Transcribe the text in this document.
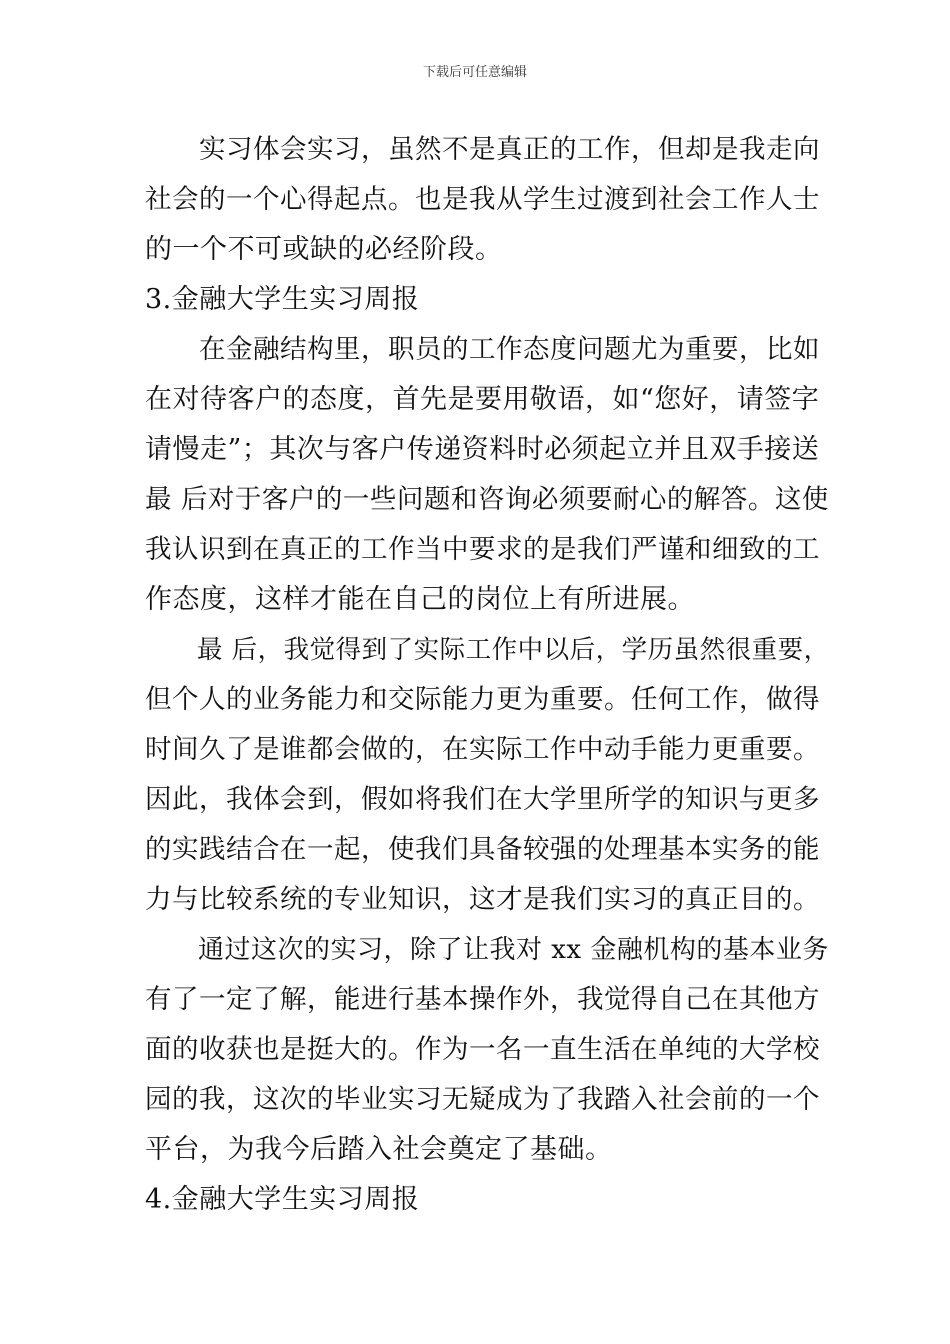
下载后可任意编辑
　　实习体会实习，虽然不是真正的工作，但却是我走向
社会的一个心得起点。也是我从学生过渡到社会工作人士
的一个不可或缺的必经阶段。
3.金融大学生实习周报
　　在金融结构里，职员的工作态度问题尤为重要，比如
在对待客户的态度，首先是要用敬语，如“您好，请签字
请慢走”；其次与客户传递资料时必须起立并且双手接送
最 后对于客户的一些问题和咨询必须要耐心的解答。这使
我认识到在真正的工作当中要求的是我们严谨和细致的工
作态度，这样才能在自己的岗位上有所进展。
　　最 后，我觉得到了实际工作中以后，学历虽然很重要，
但个人的业务能力和交际能力更为重要。任何工作，做得
时间久了是谁都会做的，在实际工作中动手能力更重要。
因此，我体会到，假如将我们在大学里所学的知识与更多
的实践结合在一起，使我们具备较强的处理基本实务的能
力与比较系统的专业知识，这才是我们实习的真正目的。
　　通过这次的实习，除了让我对 xx 金融机构的基本业务
有了一定了解，能进行基本操作外，我觉得自己在其他方
面的收获也是挺大的。作为一名一直生活在单纯的大学校
园的我，这次的毕业实习无疑成为了我踏入社会前的一个
平台，为我今后踏入社会奠定了基础。
4.金融大学生实习周报
